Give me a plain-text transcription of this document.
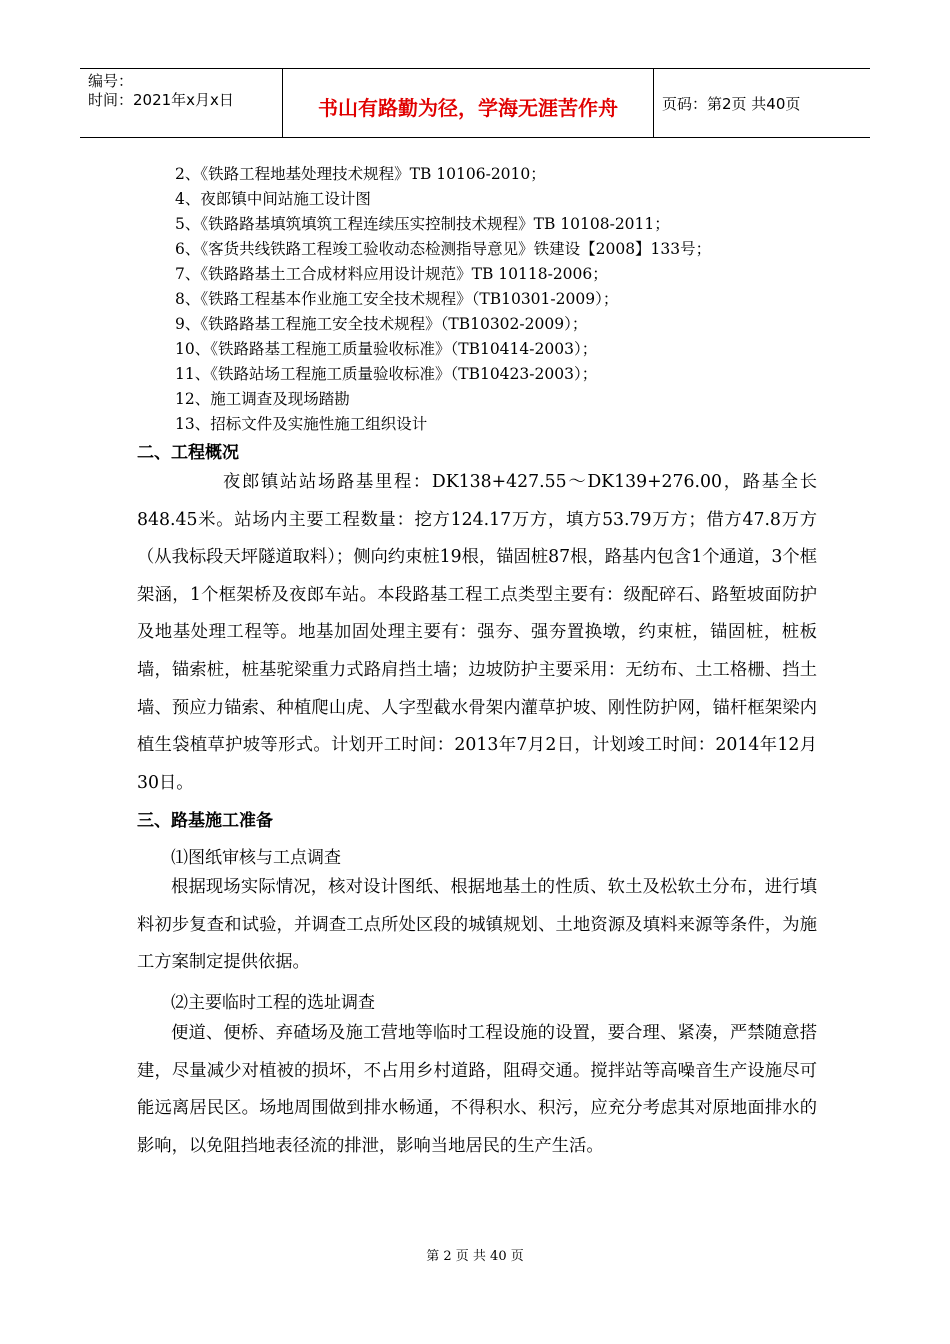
编号：
时间：2021年x月x日	书山有路勤为径，学海无涯苦作舟	页码：第2页 共40页
2、《铁路工程地基处理技术规程》TB 10106-2010；
4、夜郎镇中间站施工设计图
5、《铁路路基填筑填筑工程连续压实控制技术规程》TB 10108-2011；
6、《客货共线铁路工程竣工验收动态检测指导意见》铁建设【2008】133号；
7、《铁路路基土工合成材料应用设计规范》TB 10118-2006；
8、《铁路工程基本作业施工安全技术规程》（TB10301-2009）；
9、《铁路路基工程施工安全技术规程》（TB10302-2009）；
10、《铁路路基工程施工质量验收标准》（TB10414-2003）；
11、《铁路站场工程施工质量验收标准》（TB10423-2003）；
12、施工调查及现场踏勘
13、招标文件及实施性施工组织设计
二、工程概况

夜郎镇站站场路基里程：DK138+427.55～DK139+276.00，路基全长848.45米。站场内主要工程数量：挖方124.17万方，填方53.79万方；借方47.8万方（从我标段天坪隧道取料）；侧向约束桩19根，锚固桩87根，路基内包含1个通道，3个框架涵，1个框架桥及夜郎车站。本段路基工程工点类型主要有：级配碎石、路堑坡面防护及地基处理工程等。地基加固处理主要有：强夯、强夯置换墩，约束桩，锚固桩，桩板墙，锚索桩，桩基驼梁重力式路肩挡土墙；边坡防护主要采用：无纺布、土工格栅、挡土墙、预应力锚索、种植爬山虎、人字型截水骨架内灌草护坡、刚性防护网，锚杆框架梁内植生袋植草护坡等形式。计划开工时间：2013年7月2日，计划竣工时间：2014年12月30日。

三、路基施工准备
⑴图纸审核与工点调查

根据现场实际情况，核对设计图纸、根据地基土的性质、软土及松软土分布，进行填料初步复查和试验，并调查工点所处区段的城镇规划、土地资源及填料来源等条件，为施工方案制定提供依据。

⑵主要临时工程的选址调查

便道、便桥、弃碴场及施工营地等临时工程设施的设置，要合理、紧凑，严禁随意搭建，尽量减少对植被的损坏，不占用乡村道路，阻碍交通。搅拌站等高噪音生产设施尽可能远离居民区。场地周围做到排水畅通，不得积水、积污，应充分考虑其对原地面排水的影响，以免阻挡地表径流的排泄，影响当地居民的生产生活。

第 2 页 共 40 页
